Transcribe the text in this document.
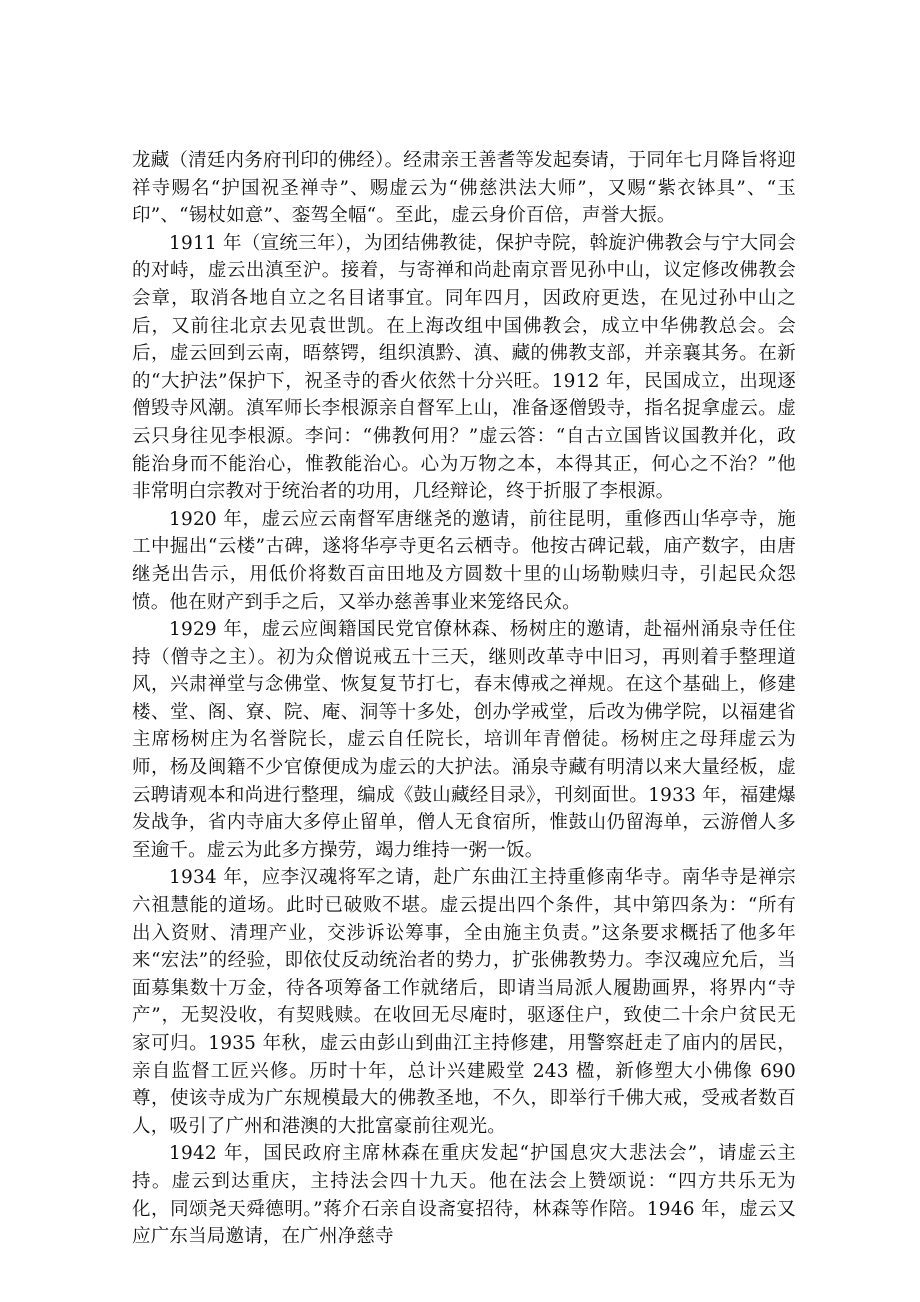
龙藏（清廷内务府刊印的佛经）。经肃亲王善耆等发起奏请，于同年七月降旨将迎祥寺赐名“护国祝圣禅寺”、赐虚云为“佛慈洪法大师”，又赐“紫衣钵具”、“玉印”、“锡杖如意”、銮驾全幅“。至此，虚云身价百倍，声誉大振。

1911 年（宣统三年），为团结佛教徒，保护寺院，斡旋沪佛教会与宁大同会的对峙，虚云出滇至沪。接着，与寄禅和尚赴南京晋见孙中山，议定修改佛教会会章，取消各地自立之名目诸事宜。同年四月，因政府更迭，在见过孙中山之后，又前往北京去见袁世凯。在上海改组中国佛教会，成立中华佛教总会。会后，虚云回到云南，晤蔡锷，组织滇黔、滇、藏的佛教支部，并亲襄其务。在新的“大护法”保护下，祝圣寺的香火依然十分兴旺。1912 年，民国成立，出现逐僧毁寺风潮。滇军师长李根源亲自督军上山，准备逐僧毁寺，指名捉拿虚云。虚云只身往见李根源。李问：“佛教何用？”虚云答：“自古立国皆议国教并化，政能治身而不能治心，惟教能治心。心为万物之本，本得其正，何心之不治？”他非常明白宗教对于统治者的功用，几经辩论，终于折服了李根源。

1920 年，虚云应云南督军唐继尧的邀请，前往昆明，重修西山华亭寺，施工中掘出“云楼”古碑，遂将华亭寺更名云栖寺。他按古碑记载，庙产数字，由唐继尧出告示，用低价将数百亩田地及方圆数十里的山场勒赎归寺，引起民众怨愤。他在财产到手之后，又举办慈善事业来笼络民众。

1929 年，虚云应闽籍国民党官僚林森、杨树庄的邀请，赴福州涌泉寺任住持（僧寺之主）。初为众僧说戒五十三天，继则改革寺中旧习，再则着手整理道风，兴肃禅堂与念佛堂、恢复复节打七，春末傅戒之禅规。在这个基础上，修建楼、堂、阁、寮、院、庵、洞等十多处，创办学戒堂，后改为佛学院，以福建省主席杨树庄为名誉院长，虚云自任院长，培训年青僧徒。杨树庄之母拜虚云为师，杨及闽籍不少官僚便成为虚云的大护法。涌泉寺藏有明清以来大量经板，虚云聘请观本和尚进行整理，编成《鼓山藏经目录》，刊刻面世。1933 年，福建爆发战争，省内寺庙大多停止留单，僧人无食宿所，惟鼓山仍留海单，云游僧人多至逾千。虚云为此多方操劳，竭力维持一粥一饭。

1934 年，应李汉魂将军之请，赴广东曲江主持重修南华寺。南华寺是禅宗六祖慧能的道场。此时已破败不堪。虚云提出四个条件，其中第四条为：“所有出入资财、清理产业，交涉诉讼筹事，全由施主负责。”这条要求概括了他多年来“宏法”的经验，即依仗反动统治者的势力，扩张佛教势力。李汉魂应允后，当面募集数十万金，待各项筹备工作就绪后，即请当局派人履勘画界，将界内“寺产”，无契没收，有契贱赎。在收回无尽庵时，驱逐住户，致使二十余户贫民无家可归。1935 年秋，虚云由彭山到曲江主持修建，用警察赶走了庙内的居民，亲自监督工匠兴修。历时十年，总计兴建殿堂 243 楹，新修塑大小佛像 690 尊，使该寺成为广东规模最大的佛教圣地，不久，即举行千佛大戒，受戒者数百人，吸引了广州和港澳的大批富豪前往观光。

1942 年，国民政府主席林森在重庆发起“护国息灾大悲法会”，请虚云主持。虚云到达重庆，主持法会四十九天。他在法会上赞颂说：“四方共乐无为化，同颂尧天舜德明。”蒋介石亲自设斋宴招待，林森等作陪。1946 年，虚云又应广东当局邀请，在广州净慈寺
